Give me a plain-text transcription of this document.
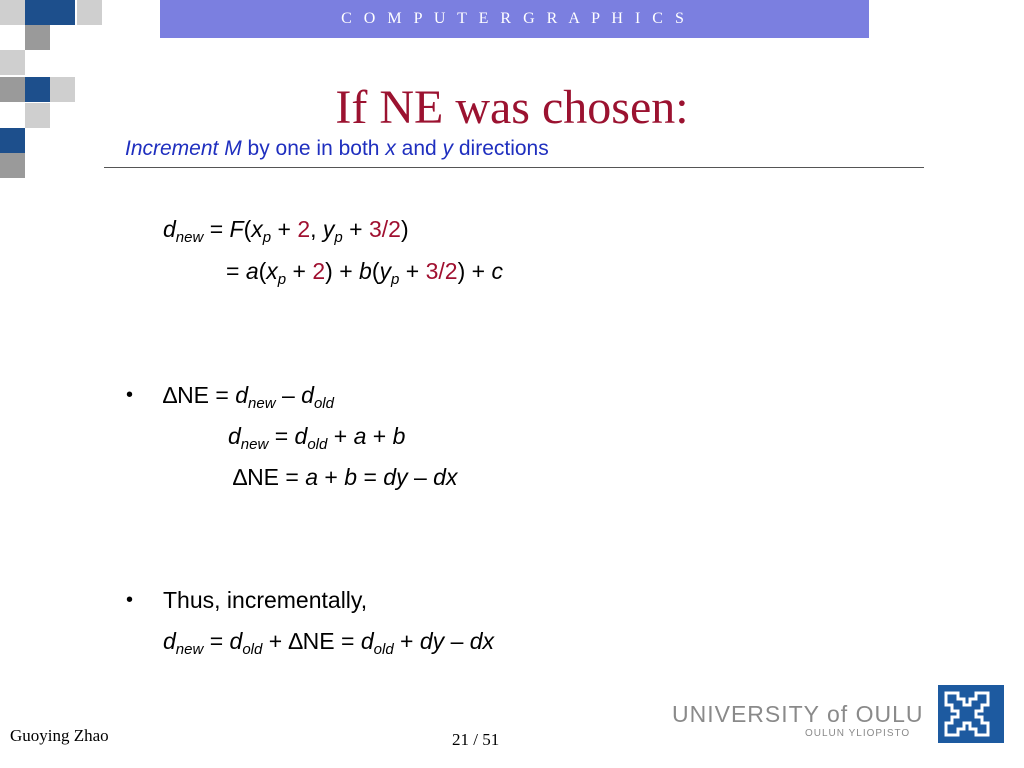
C O M P U T E R G R A P H I C S
If NE was chosen:
Increment M by one in both x and y directions
$d_{new} = F(x_p + 2$, $y_p + 3/2$)
= $a(x_p + 2) + b(y_p + 3/2) + c$
• $\Delta NE = d_{new} - d_{old}$
$d_{new} = d_{old} + a + b$
∆NE = a + b = dy – dx
• Thus, incrementally,
$d_{new} = d_{old} + \Delta NE = d_{old}$ + dy – dx
Guoying Zhao	21 / 51
UNIVERSITY of OULU
OULUN YLIOPISTO
